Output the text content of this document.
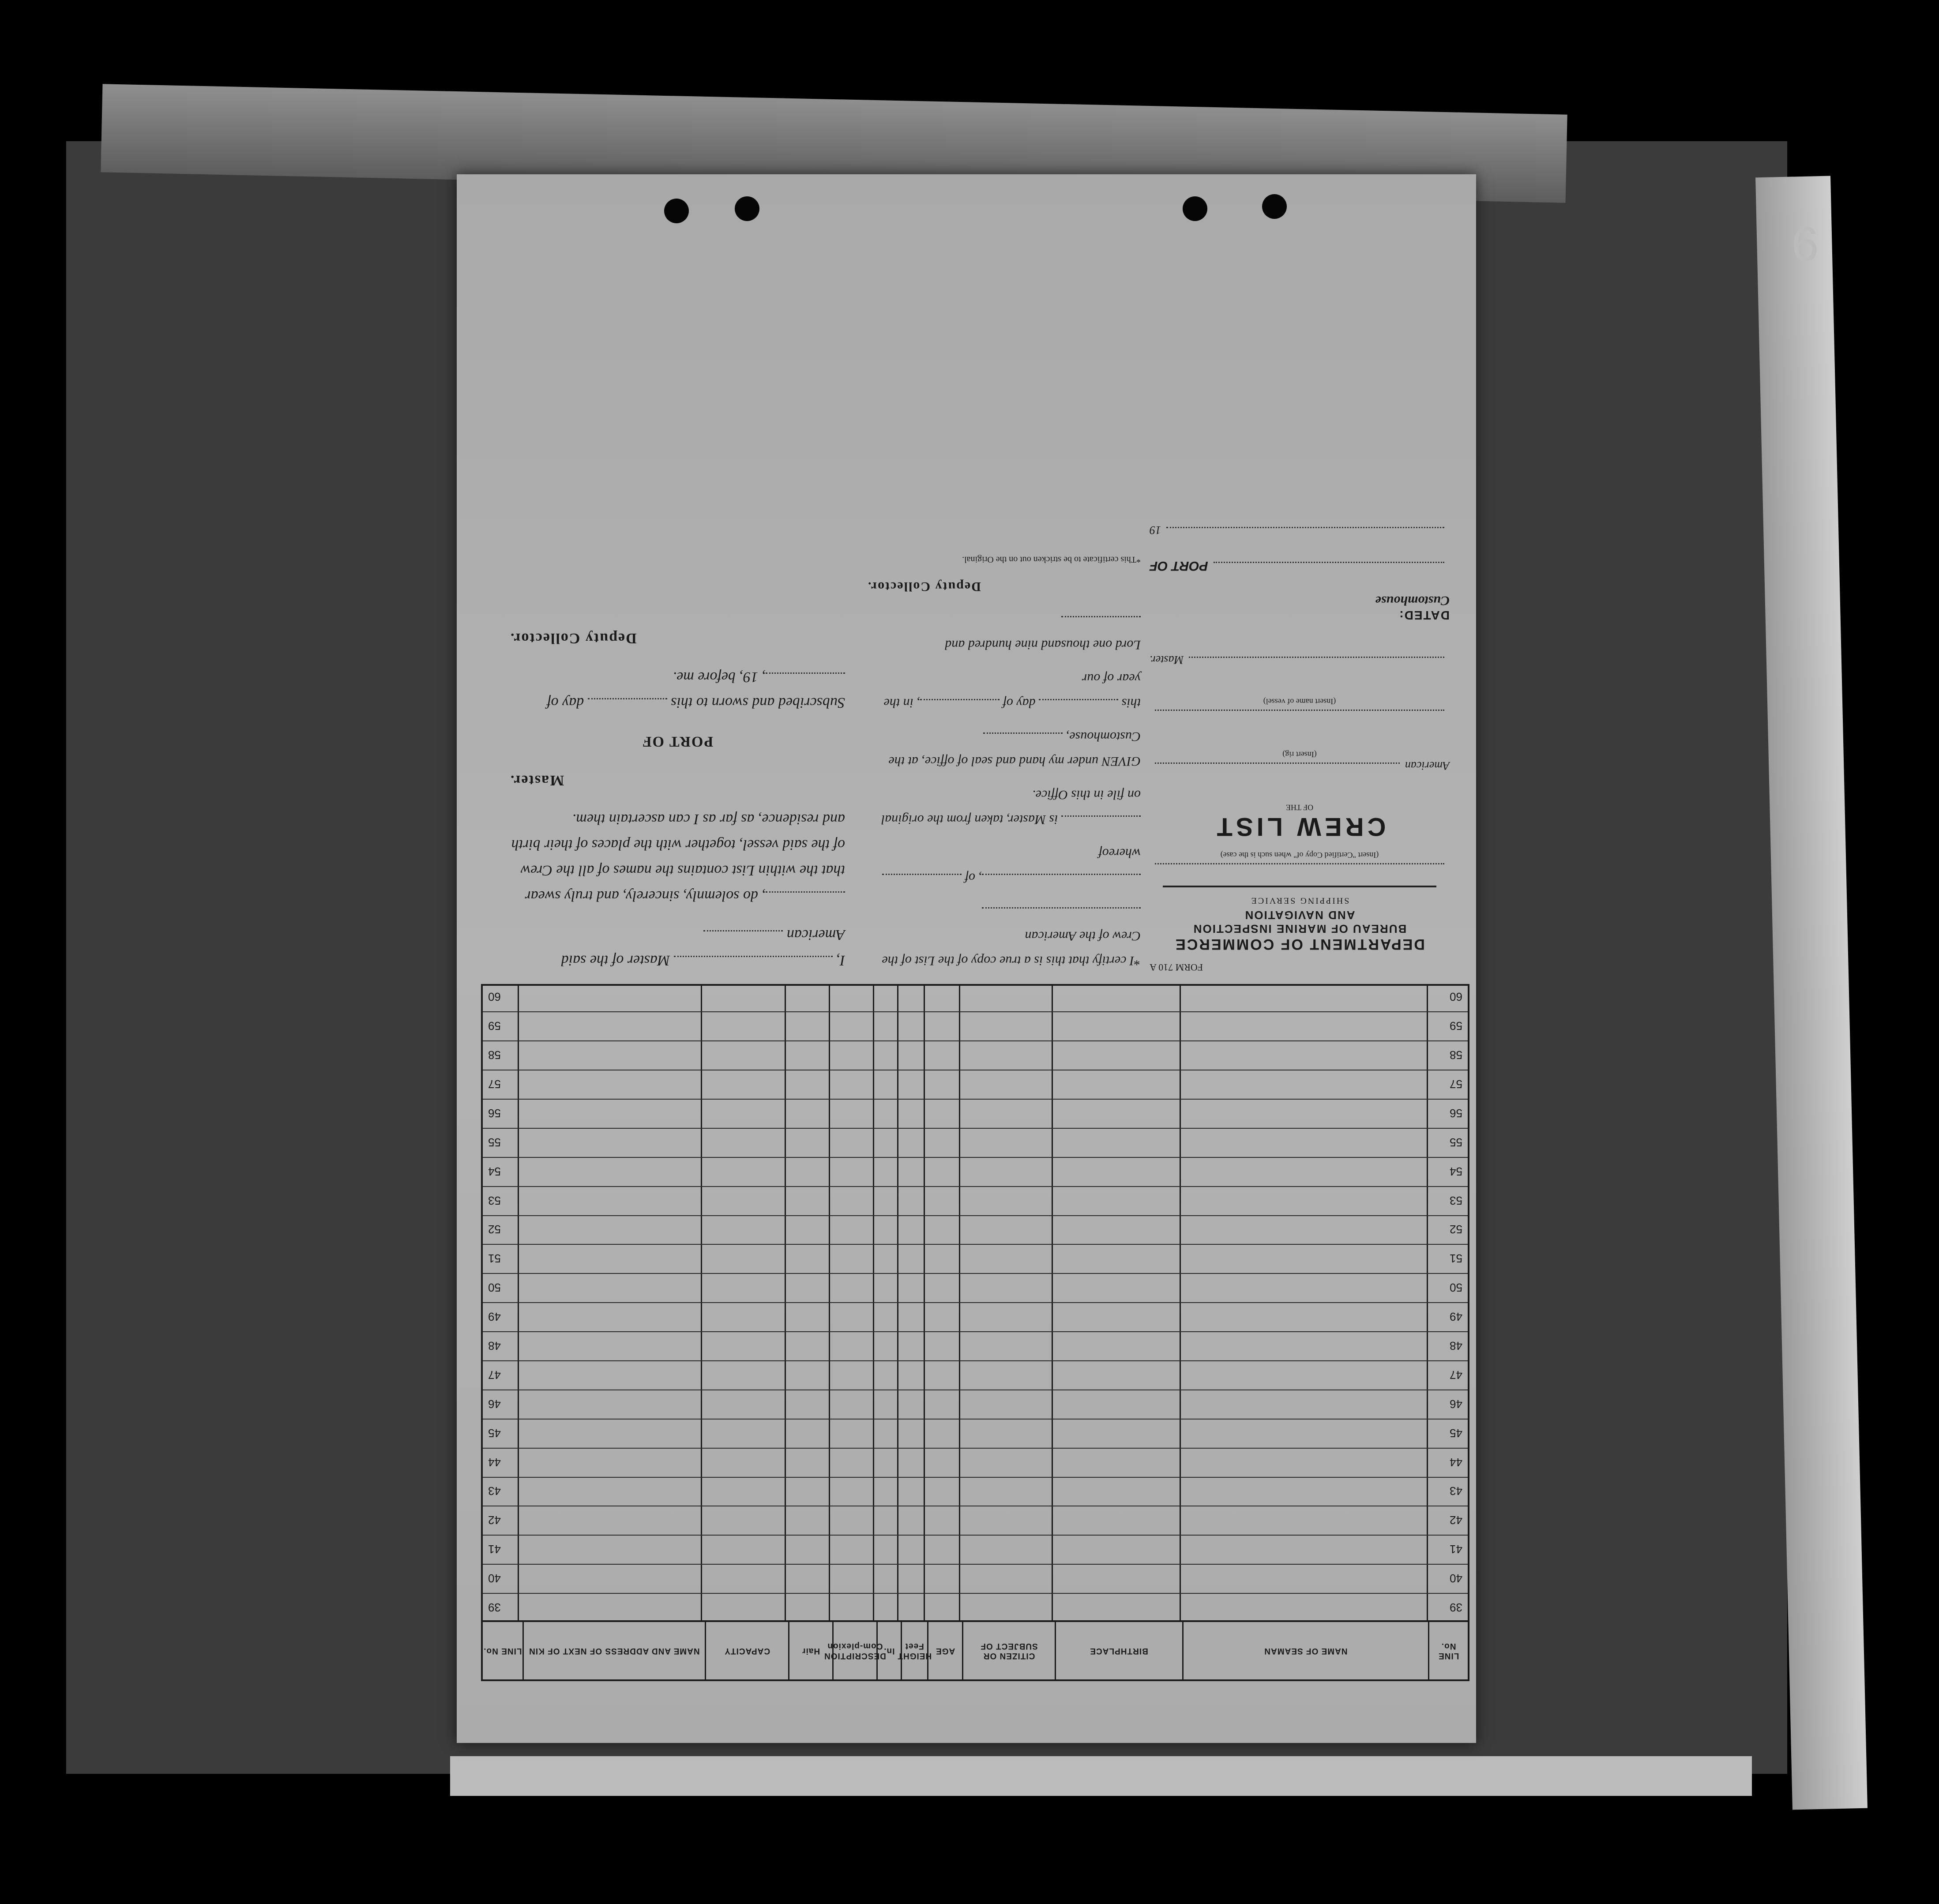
6
FORM 710 A
DEPARTMENT OF COMMERCE
BUREAU OF MARINE INSPECTION
AND NAVIGATION
SHIPPING SERVICE
(Insert "Certified Copy of" when such is the case)
CREW LIST
OF THE
American
(Insert rig)
(Insert name of vessel)
Master.
DATED:
Customhouse
PORT OF
19

*I certify that this is a true copy of the List of the Crew of the American

, of  whereof

is Master, taken from the original on file in this Office.

GIVEN under my hand and seal of office, at the Customhouse,

this  day of , in the year of our

Lord one thousand nine hundred and

Deputy Collector.

*This certificate to be stricken out on the Original.

I,  Master of the said American

, do solemnly, sincerely, and truly swear that the within List contains the names of all the Crew of the said vessel, together with the places of their birth and residence, as far as I can ascertain them.

Master.

PORT OF

Subscribed and sworn to this  day of , 19, before me.

Deputy Collector.

LINE No.
NAME OF SEAMAN
BIRTHPLACE
CITIZEN OR SUBJECT OF
AGE
HEIGHT Feet
In.
DESCRIPTION Com-plexion
Hair
CAPACITY
NAME AND ADDRESS OF NEXT OF KIN
LINE No.
39
39
40
40
41
41
42
42
43
43
44
44
45
45
46
46
47
47
48
48
49
49
50
50
51
51
52
52
53
53
54
54
55
55
56
56
57
57
58
58
59
59
60
60
